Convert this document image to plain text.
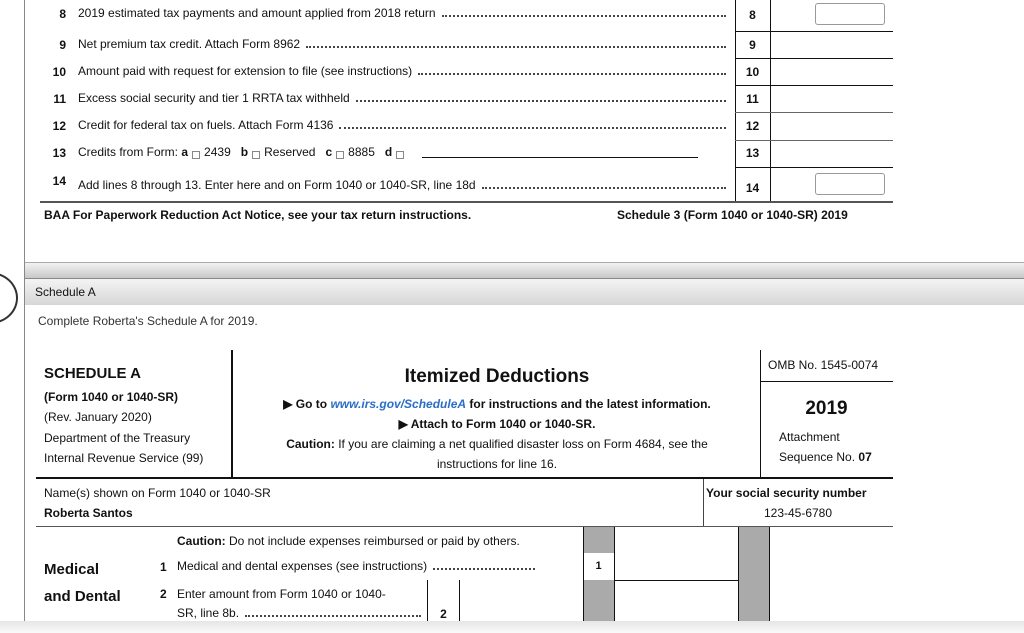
8 2019 estimated tax payments and amount applied from 2018 return
9 Net premium tax credit. Attach Form 8962
10 Amount paid with request for extension to file (see instructions)
11 Excess social security and tier 1 RRTA tax withheld
12 Credit for federal tax on fuels. Attach Form 4136
13 Credits from Form:
a 2439
b Reserved
c 8885
d
14 Add lines 8 through 13. Enter here and on Form 1040 or 1040-SR, line 18d
8
9
10
11
12
13
14
BAA For Paperwork Reduction Act Notice, see your tax return instructions.	Schedule 3 (Form 1040 or 1040-SR) 2019
Schedule A
Complete Roberta's Schedule A for 2019.
SCHEDULE A
(Form 1040 or 1040-SR)
(Rev. January 2020)
Department of the Treasury
Internal Revenue Service (99)
Itemized Deductions
▶ Go to www.irs.gov/ScheduleA for instructions and the latest information.
▶ Attach to Form 1040 or 1040-SR.
Caution: If you are claiming a net qualified disaster loss on Form 4684, see the
instructions for line 16.
OMB No. 1545-0074
2019
Attachment
Sequence No. 07
Name(s) shown on Form 1040 or 1040-SR
Roberta Santos
Your social security number
123-45-6780
Caution: Do not include expenses reimbursed or paid by others.
Medical
and Dental
1 Medical and dental expenses (see instructions)
2 Enter amount from Form 1040 or 1040-
SR, line 8b.	2
1
